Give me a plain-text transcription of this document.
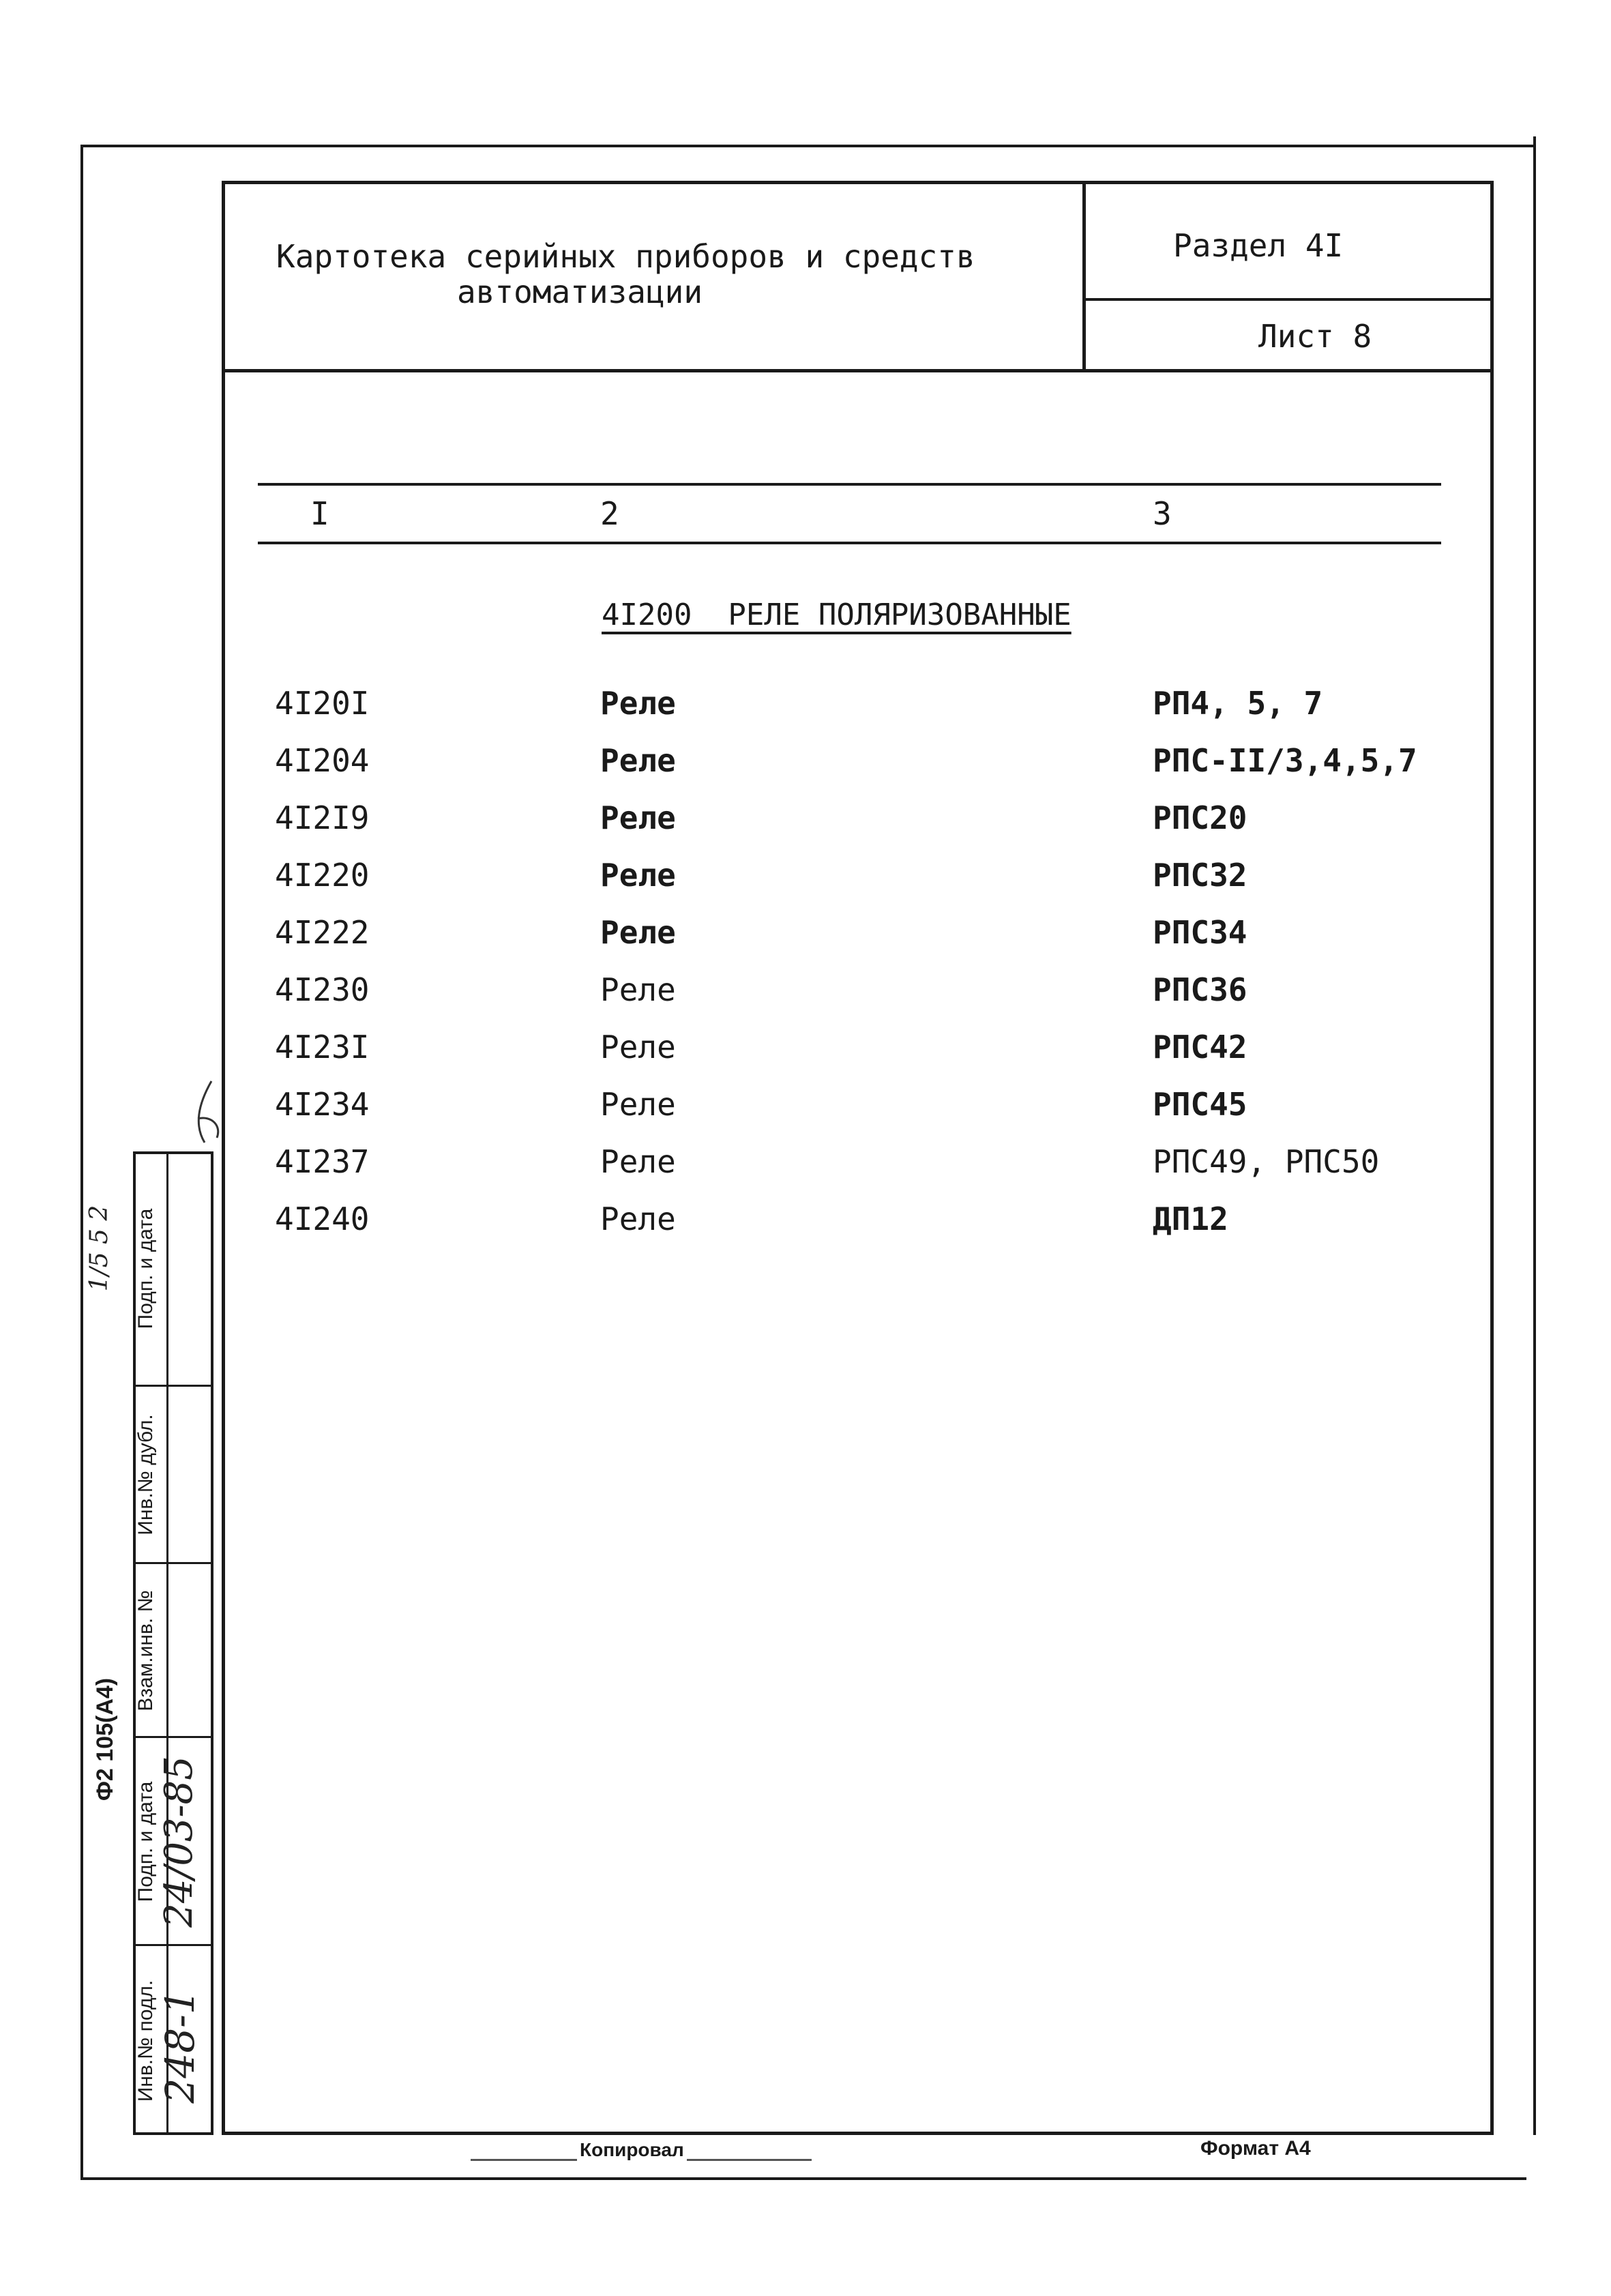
Картотека серийных приборов и средств
автоматизации
Раздел 4I
Лист 8
I	2	3
4I200  РЕЛЕ ПОЛЯРИЗОВАННЫЕ
4I20I	Реле	РП4, 5, 7
4I204	Реле	РПС-II/3,4,5,7
4I2I9	Реле	РПС20
4I220	Реле	РПС32
4I222	Реле	РПС34
4I230	Реле	РПС36
4I23I	Реле	РПС42
4I234	Реле	РПС45
4I237	Реле	РПС49, РПС50
4I240	Реле	ДП12
Инв.№ подл.
Подп. и дата
Взам.инв. №
Инв.№ дубл.
Подп. и дата
248-1
24/03-85
1/5 5 2
Ф2 105(А4)
Копировал	Формат А4
